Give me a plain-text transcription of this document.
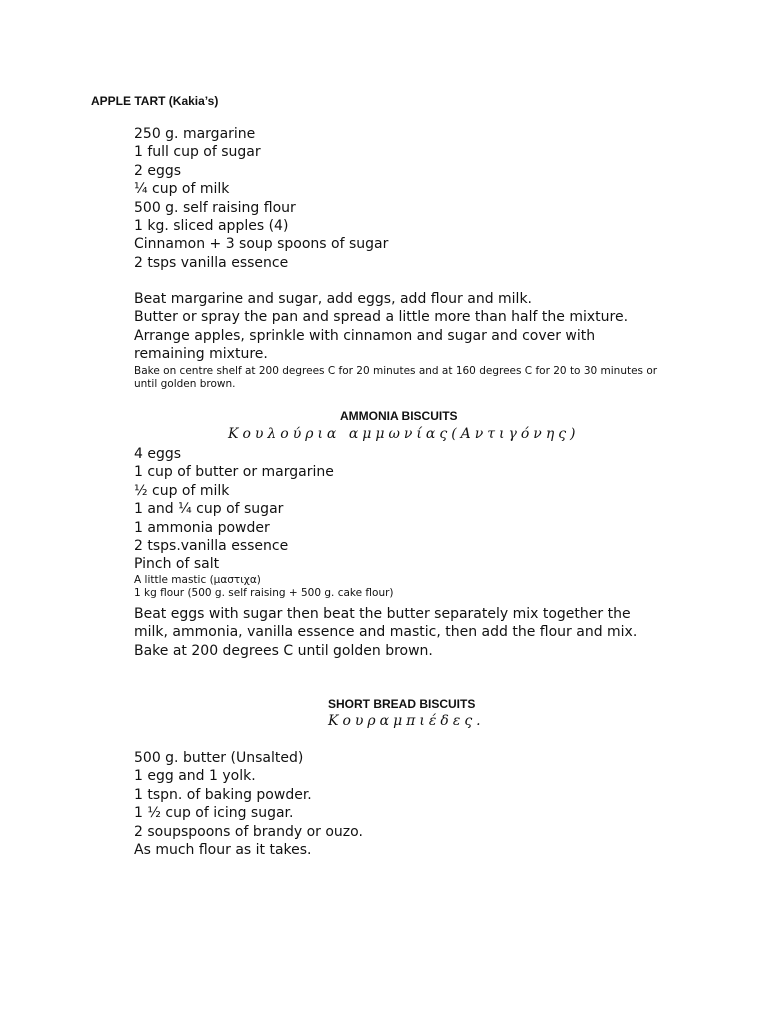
APPLE TART (Kakia’s)
250 g. margarine
1 full cup of sugar
2 eggs
¼ cup of milk
500 g. self raising flour
1 kg. sliced apples (4)
Cinnamon + 3 soup spoons of sugar
2 tsps vanilla essence
Beat margarine and sugar, add eggs, add flour and milk.
Butter or spray the pan and spread a little more than half the mixture.
Arrange apples, sprinkle with cinnamon and sugar and cover with remaining mixture.
Bake on centre shelf at 200 degrees C for 20 minutes and at 160 degrees C for 20 to 30 minutes or until golden brown.
AMMONIA BISCUITS
Κουλούρια αμμωνίας(Αντιγόνης)
4 eggs
1 cup of butter or margarine
½ cup of milk
1 and ¼ cup of sugar
1 ammonia powder
2 tsps.vanilla essence
Pinch of salt
A little mastic (μαστιχα)
1 kg flour (500 g. self raising + 500 g. cake flour)
Beat eggs with sugar then beat the butter separately mix together the milk, ammonia, vanilla essence and mastic, then add the flour and mix. Bake at 200 degrees C until golden brown.
SHORT BREAD BISCUITS
Κουραμπιέδες.
500 g. butter (Unsalted)
1 egg and 1 yolk.
1 tspn. of baking powder.
1 ½ cup of icing sugar.
2 soupspoons of brandy or ouzo.
As much flour as it takes.
